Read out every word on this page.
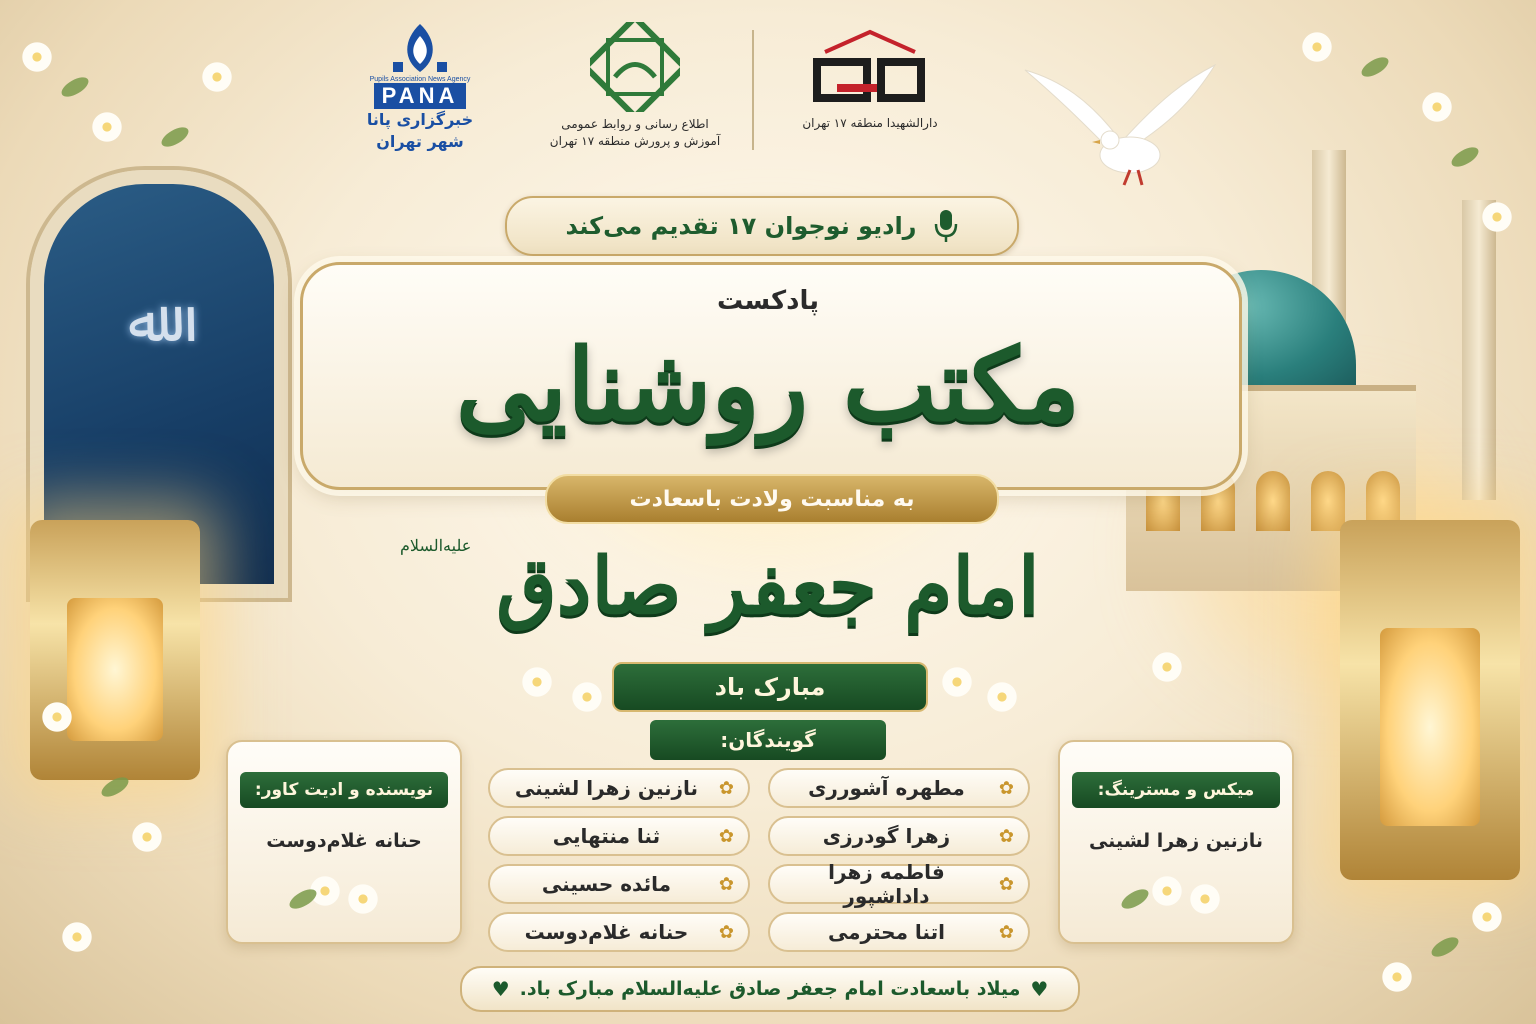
ﷲ
Pupils Association News Agency
PANA
خبرگزاری پانا
شهر تهران
اطلاع رسانی و روابط عمومی
آموزش و پرورش منطقه ۱۷ تهران
دارالشهیدا منطقه ۱۷ تهران
رادیو نوجوان ۱۷ تقدیم می‌کند
پادکست
مکتب روشنایی
به مناسبت ولادت باسعادت
امام جعفر صادق
علیه‌السلام
مبارک باد
گویندگان:
✿
مطهره آشورری
✿
زهرا گودرزی
✿
فاطمه زهرا داداشپور
✿
اتنا محترمی
✿
نازنین زهرا لشینی
✿
ثنا منتهایی
✿
مائده حسینی
✿
حنانه غلام‌دوست
نویسنده و ادیت کاور:
حنانه غلام‌دوست
میکس و مسترینگ:
نازنین زهرا لشینی
♥
میلاد باسعادت امام جعفر صادق علیه‌السلام مبارک باد.
♥
